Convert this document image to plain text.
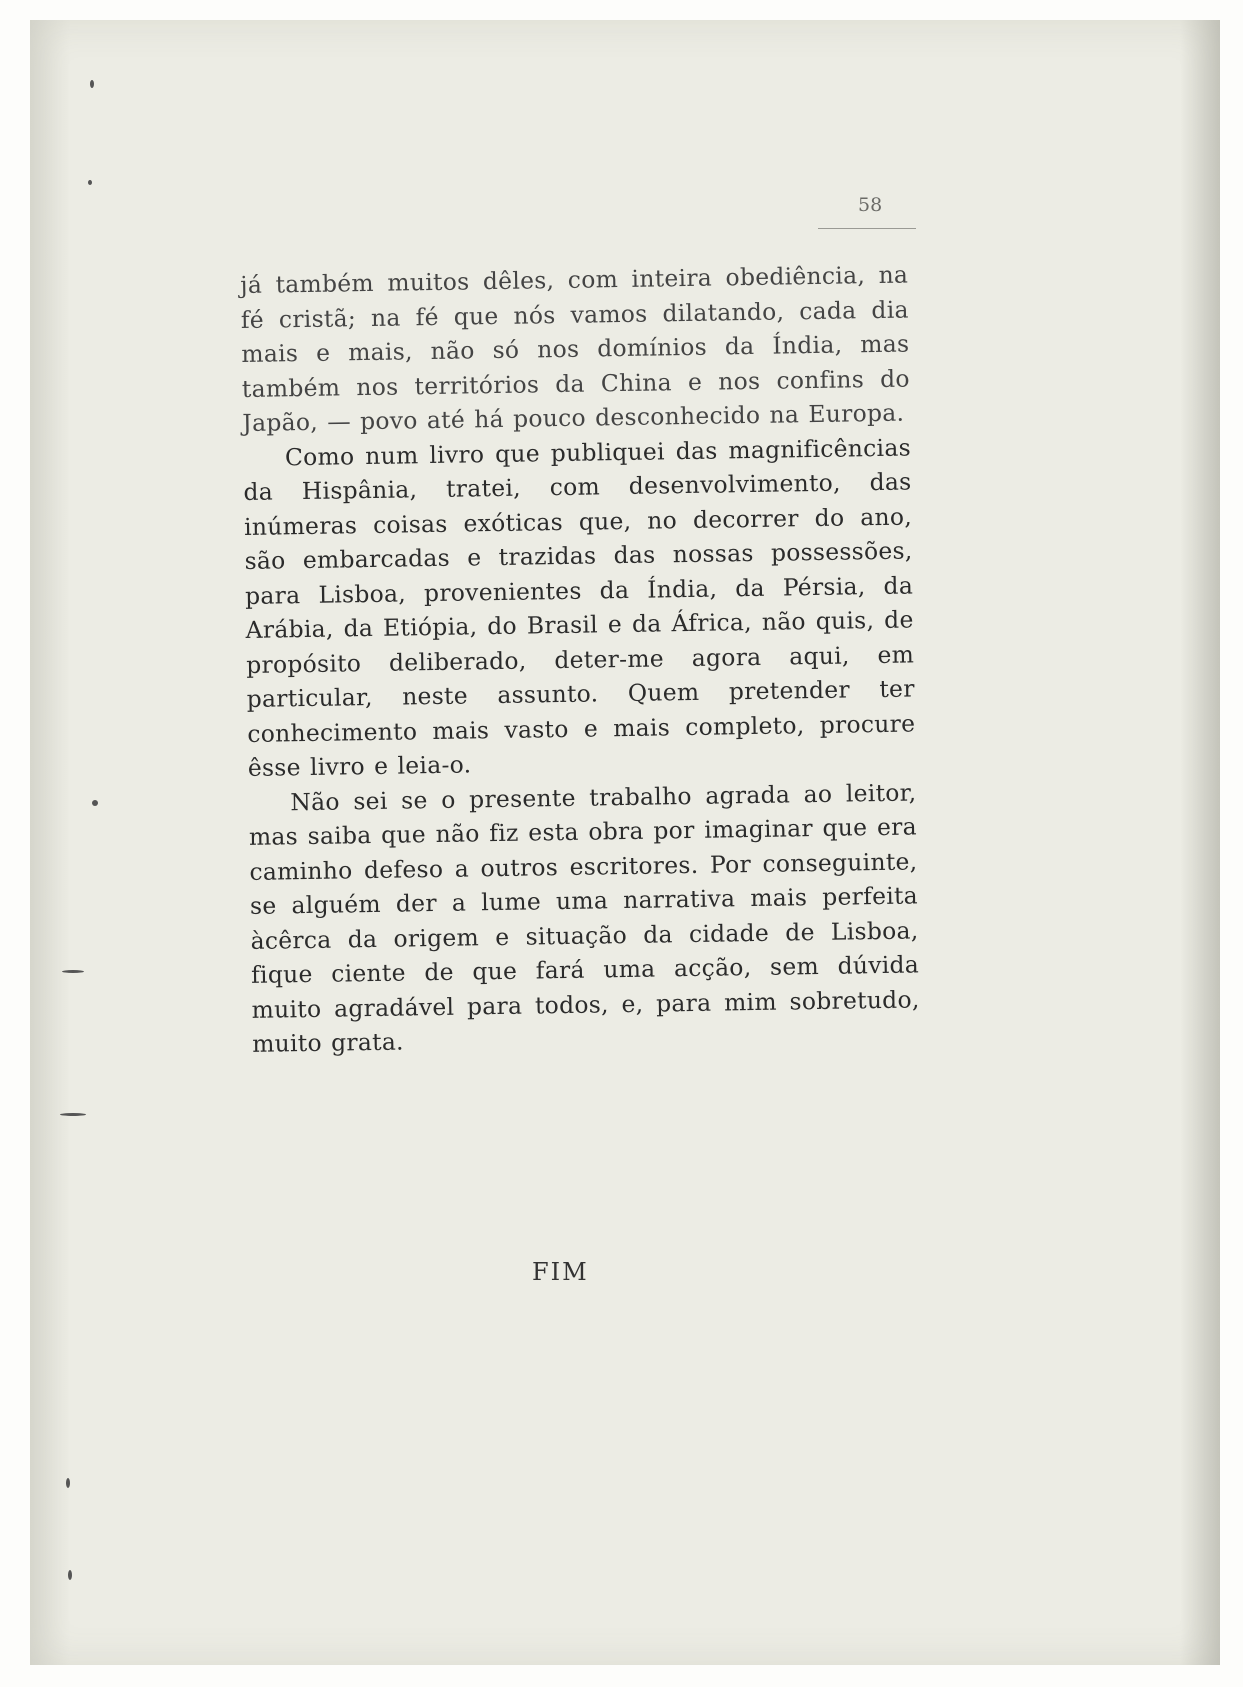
58

já também muitos dêles, com inteira obediência, na fé cristã; na fé que nós vamos dilatando, cada dia mais e mais, não só nos domínios da Índia, mas também nos territórios da China e nos confins do Japão, — povo até há pouco desconhecido na Europa.

Como num livro que publiquei das magnificências da Hispânia, tratei, com desenvolvimento, das inúmeras coisas exóticas que, no decorrer do ano, são embarcadas e trazidas das nossas possessões, para Lisboa, provenientes da Índia, da Pérsia, da Arábia, da Etiópia, do Brasil e da África, não quis, de propósito deliberado, deter-me agora aqui, em particular, neste assunto. Quem pretender ter conhecimento mais vasto e mais completo, procure êsse livro e leia-o.

Não sei se o presente trabalho agrada ao leitor, mas saiba que não fiz esta obra por imaginar que era caminho defeso a outros escritores. Por conseguinte, se alguém der a lume uma narrativa mais perfeita àcêrca da origem e situação da cidade de Lisboa, fique ciente de que fará uma acção, sem dúvida muito agradável para todos, e, para mim sobretudo, muito grata.

FIM
